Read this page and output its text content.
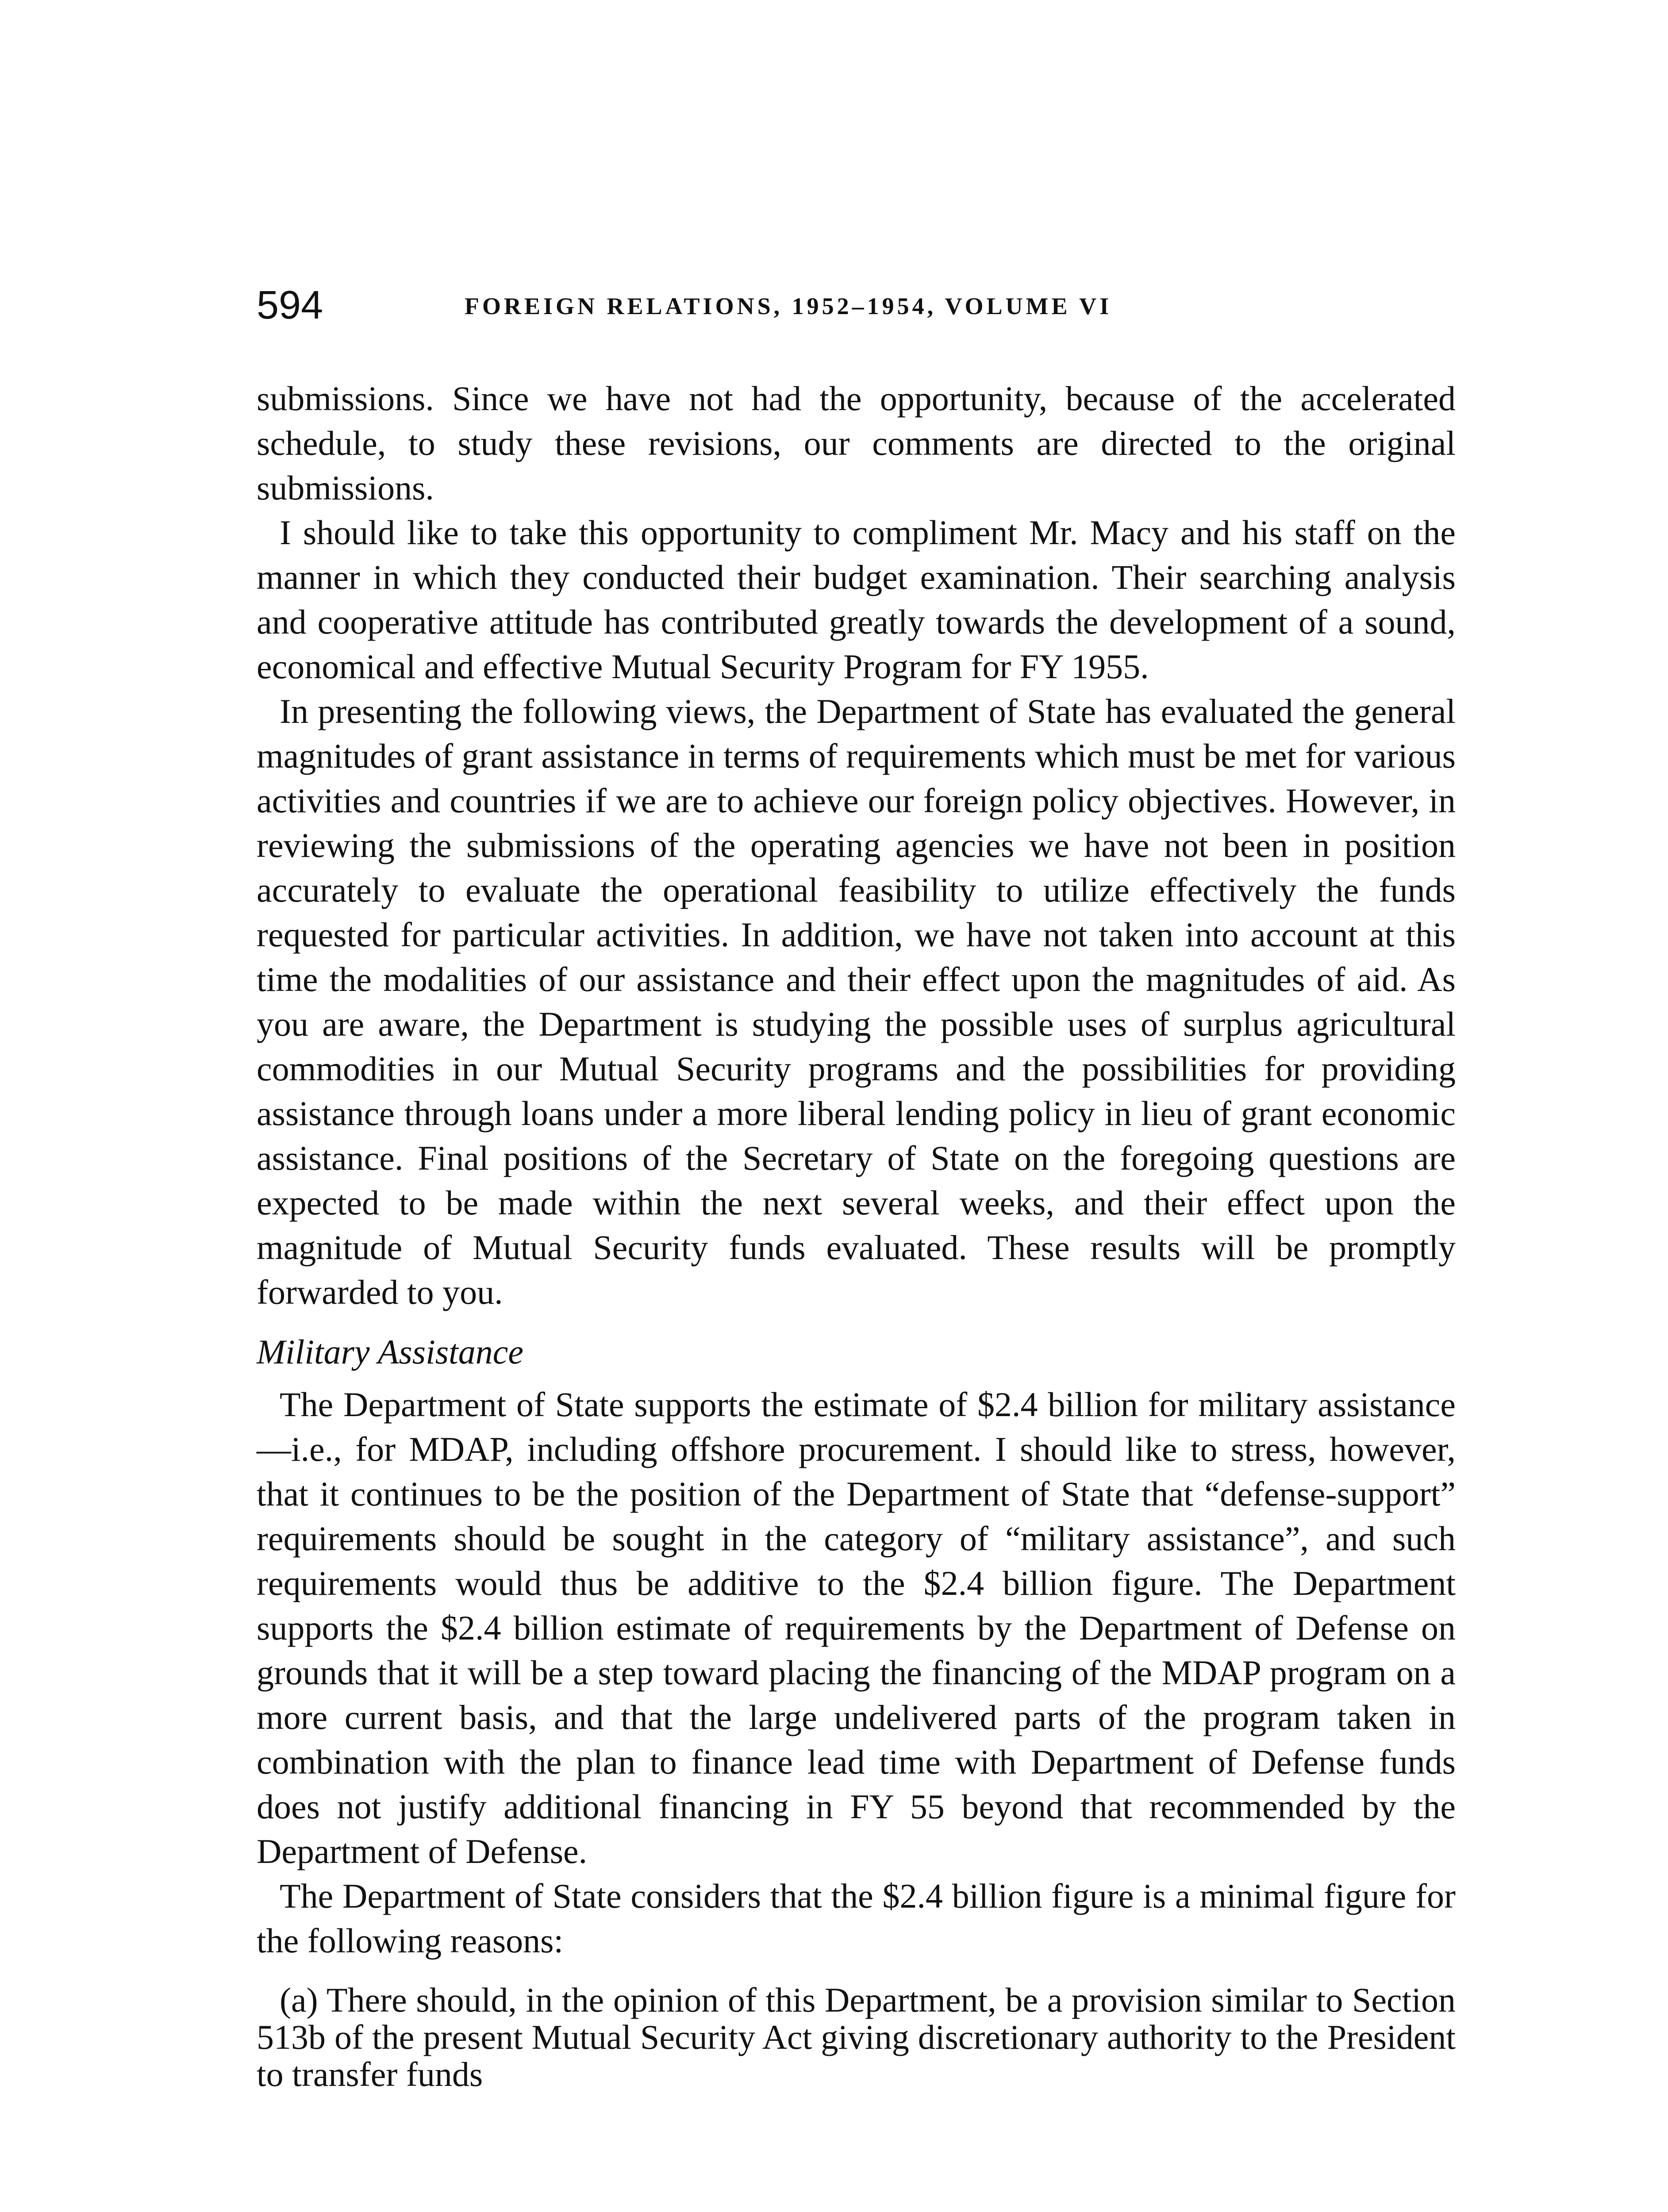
594	FOREIGN RELATIONS, 1952–1954, VOLUME VI

submissions. Since we have not had the opportunity, because of the accelerated schedule, to study these revisions, our comments are directed to the original submissions.

I should like to take this opportunity to compliment Mr. Macy and his staff on the manner in which they conducted their budget examination. Their searching analysis and cooperative attitude has contributed greatly towards the development of a sound, economical and effective Mutual Security Program for FY 1955.

In presenting the following views, the Department of State has evaluated the general magnitudes of grant assistance in terms of requirements which must be met for various activities and countries if we are to achieve our foreign policy objectives. However, in reviewing the submissions of the operating agencies we have not been in position accurately to evaluate the operational feasibility to utilize effectively the funds requested for particular activities. In addition, we have not taken into account at this time the modalities of our assistance and their effect upon the magnitudes of aid. As you are aware, the Department is studying the possible uses of surplus agricultural commodities in our Mutual Security programs and the possibilities for providing assistance through loans under a more liberal lending policy in lieu of grant economic assistance. Final positions of the Secretary of State on the foregoing questions are expected to be made within the next several weeks, and their effect upon the magnitude of Mutual Security funds evaluated. These results will be promptly forwarded to you.

Military Assistance

The Department of State supports the estimate of $2.4 billion for military assistance—i.e., for MDAP, including offshore procurement. I should like to stress, however, that it continues to be the position of the Department of State that “defense-support” requirements should be sought in the category of “military assistance”, and such requirements would thus be additive to the $2.4 billion figure. The Department supports the $2.4 billion estimate of requirements by the Department of Defense on grounds that it will be a step toward placing the financing of the MDAP program on a more current basis, and that the large undelivered parts of the program taken in combination with the plan to finance lead time with Department of Defense funds does not justify additional financing in FY 55 beyond that recommended by the Department of Defense.

The Department of State considers that the $2.4 billion figure is a minimal figure for the following reasons:

(a) There should, in the opinion of this Department, be a provision similar to Section 513b of the present Mutual Security Act giving discretionary authority to the President to transfer funds
